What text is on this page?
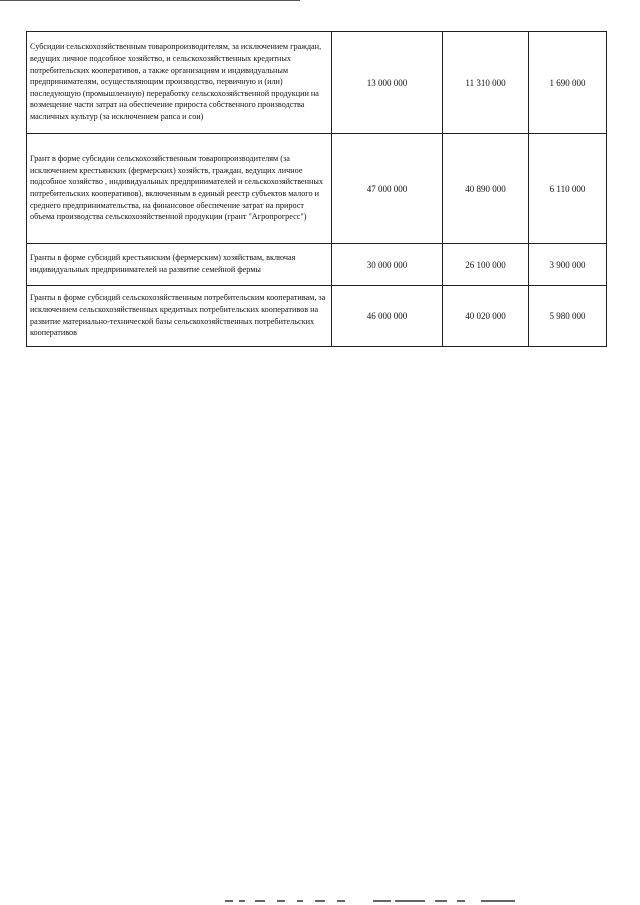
Субсидии сельскохозяйственным товаропроизводителям, за исключением граждан, ведущих личное подсобное хозяйство, и сельскохозяйственных кредитных потребительских кооперативов, а также организациям и индивидуальным предпринимателям, осуществляющим производство, первичную и (или) последующую (промышленную) переработку сельскохозяйственной продукции на возмещение части затрат на обеспечение прироста собственного производства масличных культур (за исключением рапса и сои)	13 000 000	11 310 000	1 690 000
Грант в форме субсидии сельскохозяйственным товаропроизводителям (за исключением крестьянских (фермерских) хозяйств, граждан, ведущих личное подсобное хозяйство , индивидуальных предпринимателей и сельскохозяйственных потребительских кооперативов), включенным в единый реестр субъектов малого и среднего предпринимательства, на финансовое обеспечение затрат на прирост объема производства сельскохозяйственной продукции (грант "Агропрогресс")	47 000 000	40 890 000	6 110 000
Гранты в форме субсидий крестьянским (фермерским) хозяйствам, включая индивидуальных предпринимателей на развитие семейной фермы	30 000 000	26 100 000	3 900 000
Гранты в форме субсидий сельскохозяйственным потребительским кооперативам, за исключением сельскохозяйственных кредитных потребительских кооперативов на развитие материально-технической базы сельскохозяйственных потребительских кооперативов	46 000 000	40 020 000	5 980 000
